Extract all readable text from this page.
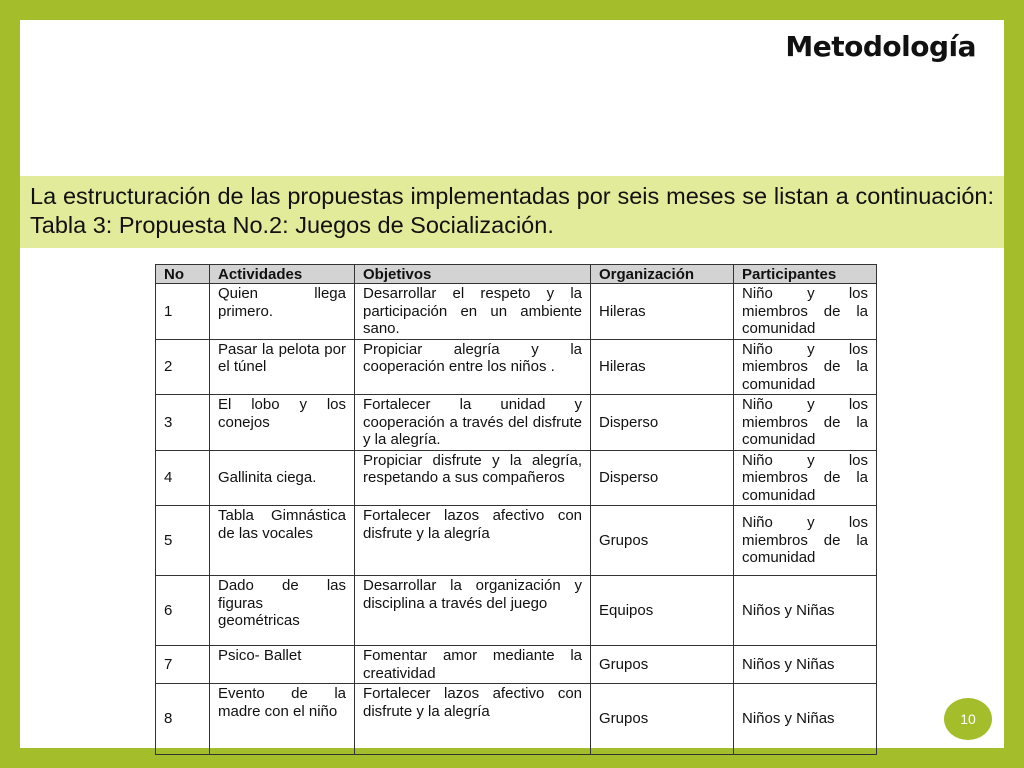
Metodología
La estructuración de las propuestas implementadas por seis meses se listan a continuación: Tabla 3: Propuesta No.2: Juegos de Socialización.
No	Actividades	Objetivos	Organización	Participantes
1	Quien llega primero.	Desarrollar el respeto y la participación en un ambiente sano.	Hileras	Niño y los miembros de la comunidad
2	Pasar la pelota por el túnel	Propiciar alegría y la cooperación entre los niños .	Hileras	Niño y los miembros de la comunidad
3	El lobo y los conejos	Fortalecer la unidad y cooperación a través del disfrute y la alegría.	Disperso	Niño y los miembros de la comunidad
4	Gallinita ciega.	Propiciar disfrute y la alegría, respetando a sus compañeros	Disperso	Niño y los miembros de la comunidad
5	Tabla Gimnástica de las vocales	Fortalecer lazos afectivo con disfrute y la alegría	Grupos	Niño y los miembros de la comunidad
6	Dado de las figuras geométricas	Desarrollar la organización y disciplina a través del juego	Equipos	Niños y Niñas
7	Psico- Ballet	Fomentar amor mediante la creatividad	Grupos	Niños y Niñas
8	Evento de la madre con el niño	Fortalecer lazos afectivo con disfrute y la alegría	Grupos	Niños y Niñas	10
